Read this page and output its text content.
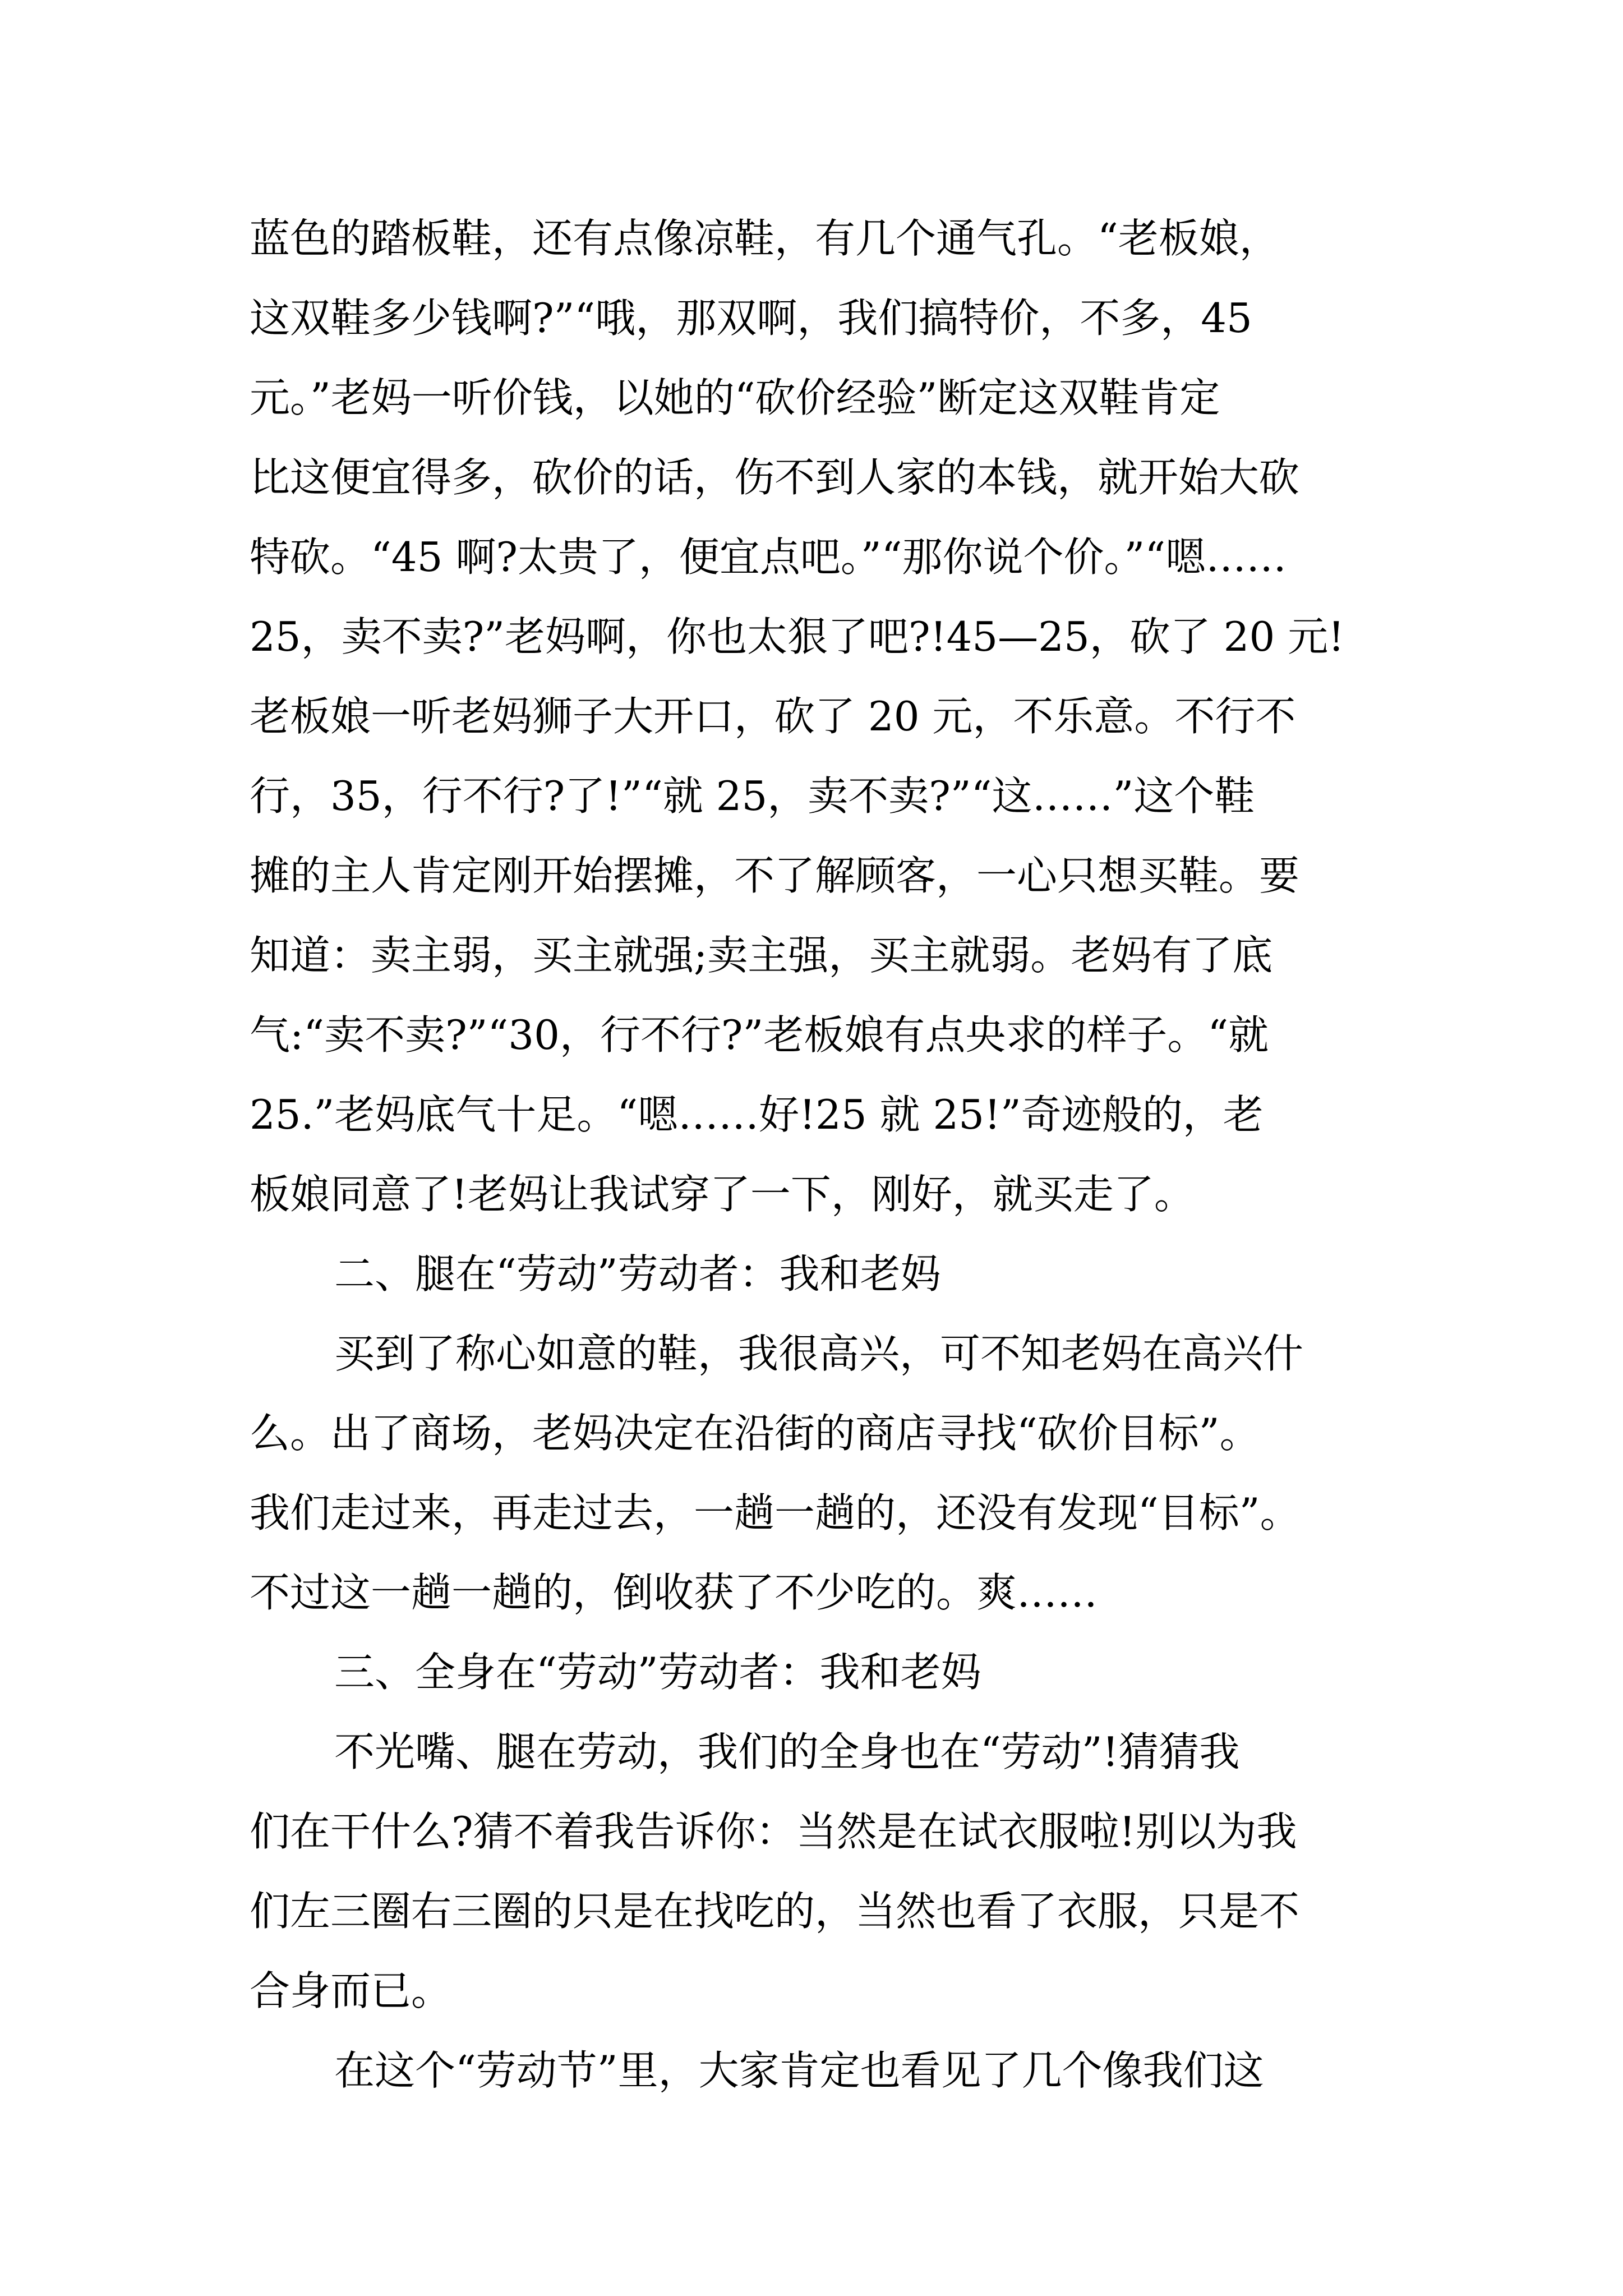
蓝色的踏板鞋，还有点像凉鞋，有几个通气孔。“老板娘，

这双鞋多少钱啊?”“哦，那双啊，我们搞特价，不多，45

元。”老妈一听价钱，以她的“砍价经验”断定这双鞋肯定

比这便宜得多，砍价的话，伤不到人家的本钱，就开始大砍

特砍。“45 啊?太贵了，便宜点吧。”“那你说个价。”“嗯……

25，卖不卖?”老妈啊，你也太狠了吧?!45—25，砍了 20 元!

老板娘一听老妈狮子大开口，砍了 20 元，不乐意。不行不

行，35，行不行?了!”“就 25，卖不卖?”“这……”这个鞋

摊的主人肯定刚开始摆摊，不了解顾客，一心只想买鞋。要

知道：卖主弱，买主就强;卖主强，买主就弱。老妈有了底

气:“卖不卖?”“30，行不行?”老板娘有点央求的样子。“就

25.”老妈底气十足。“嗯……好!25 就 25!”奇迹般的，老

板娘同意了!老妈让我试穿了一下，刚好，就买走了。

二、腿在“劳动”劳动者：我和老妈

买到了称心如意的鞋，我很高兴，可不知老妈在高兴什

么。出了商场，老妈决定在沿街的商店寻找“砍价目标”。

我们走过来，再走过去，一趟一趟的，还没有发现“目标”。

不过这一趟一趟的，倒收获了不少吃的。爽……

三、全身在“劳动”劳动者：我和老妈

不光嘴、腿在劳动，我们的全身也在“劳动”!猜猜我

们在干什么?猜不着我告诉你：当然是在试衣服啦!别以为我

们左三圈右三圈的只是在找吃的，当然也看了衣服，只是不

合身而已。

在这个“劳动节”里，大家肯定也看见了几个像我们这
